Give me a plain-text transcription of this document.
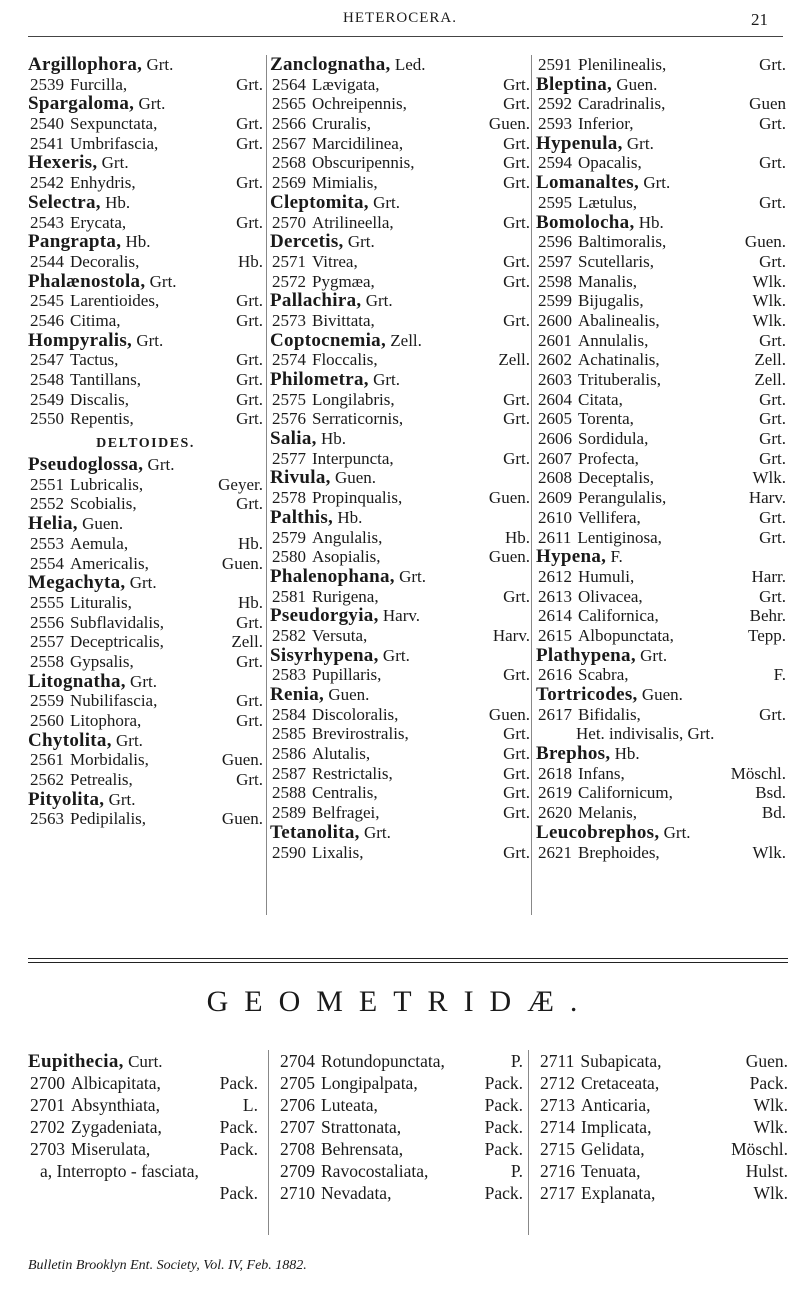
HETEROCERA.	21
Argillophora, Grt.
2539 Furcilla,	Grt.
Spargaloma, Grt.
2540 Sexpunctata,	Grt.
2541 Umbrifascia,	Grt.
Hexeris, Grt.
2542 Enhydris,	Grt.
Selectra, Hb.
2543 Erycata,	Grt.
Pangrapta, Hb.
2544 Decoralis,	Hb.
Phalænostola, Grt.
2545 Larentioides,	Grt.
2546 Citima,	Grt.
Hompyralis, Grt.
2547 Tactus,	Grt.
2548 Tantillans,	Grt.
2549 Discalis,	Grt.
2550 Repentis,	Grt.
DELTOIDES.
Pseudoglossa, Grt.
2551 Lubricalis,	Geyer.
2552 Scobialis,	Grt.
Helia, Guen.
2553 Aemula,	Hb.
2554 Americalis,	Guen.
Megachyta, Grt.
2555 Lituralis,	Hb.
2556 Subflavidalis,	Grt.
2557 Deceptricalis,	Zell.
2558 Gypsalis,	Grt.
Litognatha, Grt.
2559 Nubilifascia,	Grt.
2560 Litophora,	Grt.
Chytolita, Grt.
2561 Morbidalis,	Guen.
2562 Petrealis,	Grt.
Pityolita, Grt.
2563 Pedipilalis,	Guen.
Zanclognatha, Led.
2564 Lævigata,	Grt.
2565 Ochreipennis,	Grt.
2566 Cruralis,	Guen.
2567 Marcidilinea,	Grt.
2568 Obscuripennis,	Grt.
2569 Mimialis,	Grt.
Cleptomita, Grt.
2570 Atrilineella,	Grt.
Dercetis, Grt.
2571 Vitrea,	Grt.
2572 Pygmæa,	Grt.
Pallachira, Grt.
2573 Bivittata,	Grt.
Coptocnemia, Zell.
2574 Floccalis,	Zell.
Philometra, Grt.
2575 Longilabris,	Grt.
2576 Serraticornis,	Grt.
Salia, Hb.
2577 Interpuncta,	Grt.
Rivula, Guen.
2578 Propinqualis,	Guen.
Palthis, Hb.
2579 Angulalis,	Hb.
2580 Asopialis,	Guen.
Phalenophana, Grt.
2581 Rurigena,	Grt.
Pseudorgyia, Harv.
2582 Versuta,	Harv.
Sisyrhypena, Grt.
2583 Pupillaris,	Grt.
Renia, Guen.
2584 Discoloralis,	Guen.
2585 Brevirostralis,	Grt.
2586 Alutalis,	Grt.
2587 Restrictalis,	Grt.
2588 Centralis,	Grt.
2589 Belfragei,	Grt.
Tetanolita, Grt.
2590 Lixalis,	Grt.
2591 Plenilinealis,	Grt.
Bleptina, Guen.
2592 Caradrinalis,	Guen
2593 Inferior,	Grt.
Hypenula, Grt.
2594 Opacalis,	Grt.
Lomanaltes, Grt.
2595 Lætulus,	Grt.
Bomolocha, Hb.
2596 Baltimoralis,	Guen.
2597 Scutellaris,	Grt.
2598 Manalis,	Wlk.
2599 Bijugalis,	Wlk.
2600 Abalinealis,	Wlk.
2601 Annulalis,	Grt.
2602 Achatinalis,	Zell.
2603 Trituberalis,	Zell.
2604 Citata,	Grt.
2605 Torenta,	Grt.
2606 Sordidula,	Grt.
2607 Profecta,	Grt.
2608 Deceptalis,	Wlk.
2609 Perangulalis,	Harv.
2610 Vellifera,	Grt.
2611 Lentiginosa,	Grt.
Hypena, F.
2612 Humuli,	Harr.
2613 Olivacea,	Grt.
2614 Californica,	Behr.
2615 Albopunctata,	Tepp.
Plathypena, Grt.
2616 Scabra,	F.
Tortricodes, Guen.
2617 Bifidalis,	Grt.
Het. indivisalis, Grt.
Brephos, Hb.
2618 Infans,	Möschl.
2619 Californicum,	Bsd.
2620 Melanis,	Bd.
Leucobrephos, Grt.
2621 Brephoides,	Wlk.
GEOMETRIDÆ.
Eupithecia, Curt.
2700 Albicapitata,	Pack.
2701 Absynthiata,	L.
2702 Zygadeniata,	Pack.
2703 Miserulata,	Pack.
a, Interropto - fasciata,
Pack.
2704 Rotundopunctata,	P.
2705 Longipalpata,	Pack.
2706 Luteata,	Pack.
2707 Strattonata,	Pack.
2708 Behrensata,	Pack.
2709 Ravocostaliata,	P.
2710 Nevadata,	Pack.
2711 Subapicata,	Guen.
2712 Cretaceata,	Pack.
2713 Anticaria,	Wlk.
2714 Implicata,	Wlk.
2715 Gelidata,	Möschl.
2716 Tenuata,	Hulst.
2717 Explanata,	Wlk.
Bulletin Brooklyn Ent. Society, Vol. IV, Feb. 1882.
